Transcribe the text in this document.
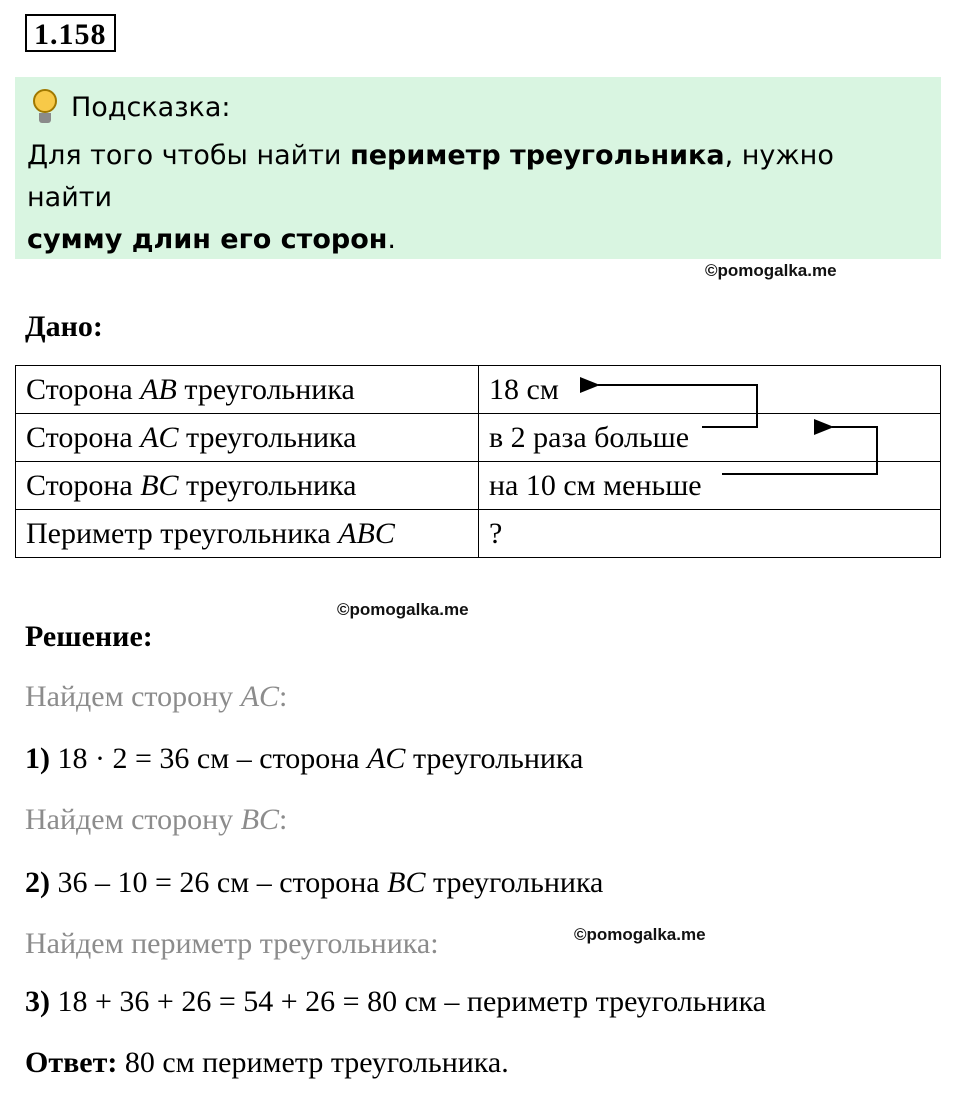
1.158
Подсказка:
Для того чтобы найти периметр треугольника, нужно найти
сумму длин его сторон.
©pomogalka.me
Дано:
Сторона AB треугольника	18 см
Сторона AC треугольника	в 2 раза больше
Сторона BC треугольника	на 10 см меньше
Периметр треугольника ABC	?
©pomogalka.me
Решение:
Найдем сторону AC:
1) 18 · 2 = 36 см – сторона AC треугольника
Найдем сторону BC:
2) 36 – 10 = 26 см – сторона BC треугольника
Найдем периметр треугольника:	©pomogalka.me
3) 18 + 36 + 26 = 54 + 26 = 80 см – периметр треугольника
Ответ: 80 см периметр треугольника.
